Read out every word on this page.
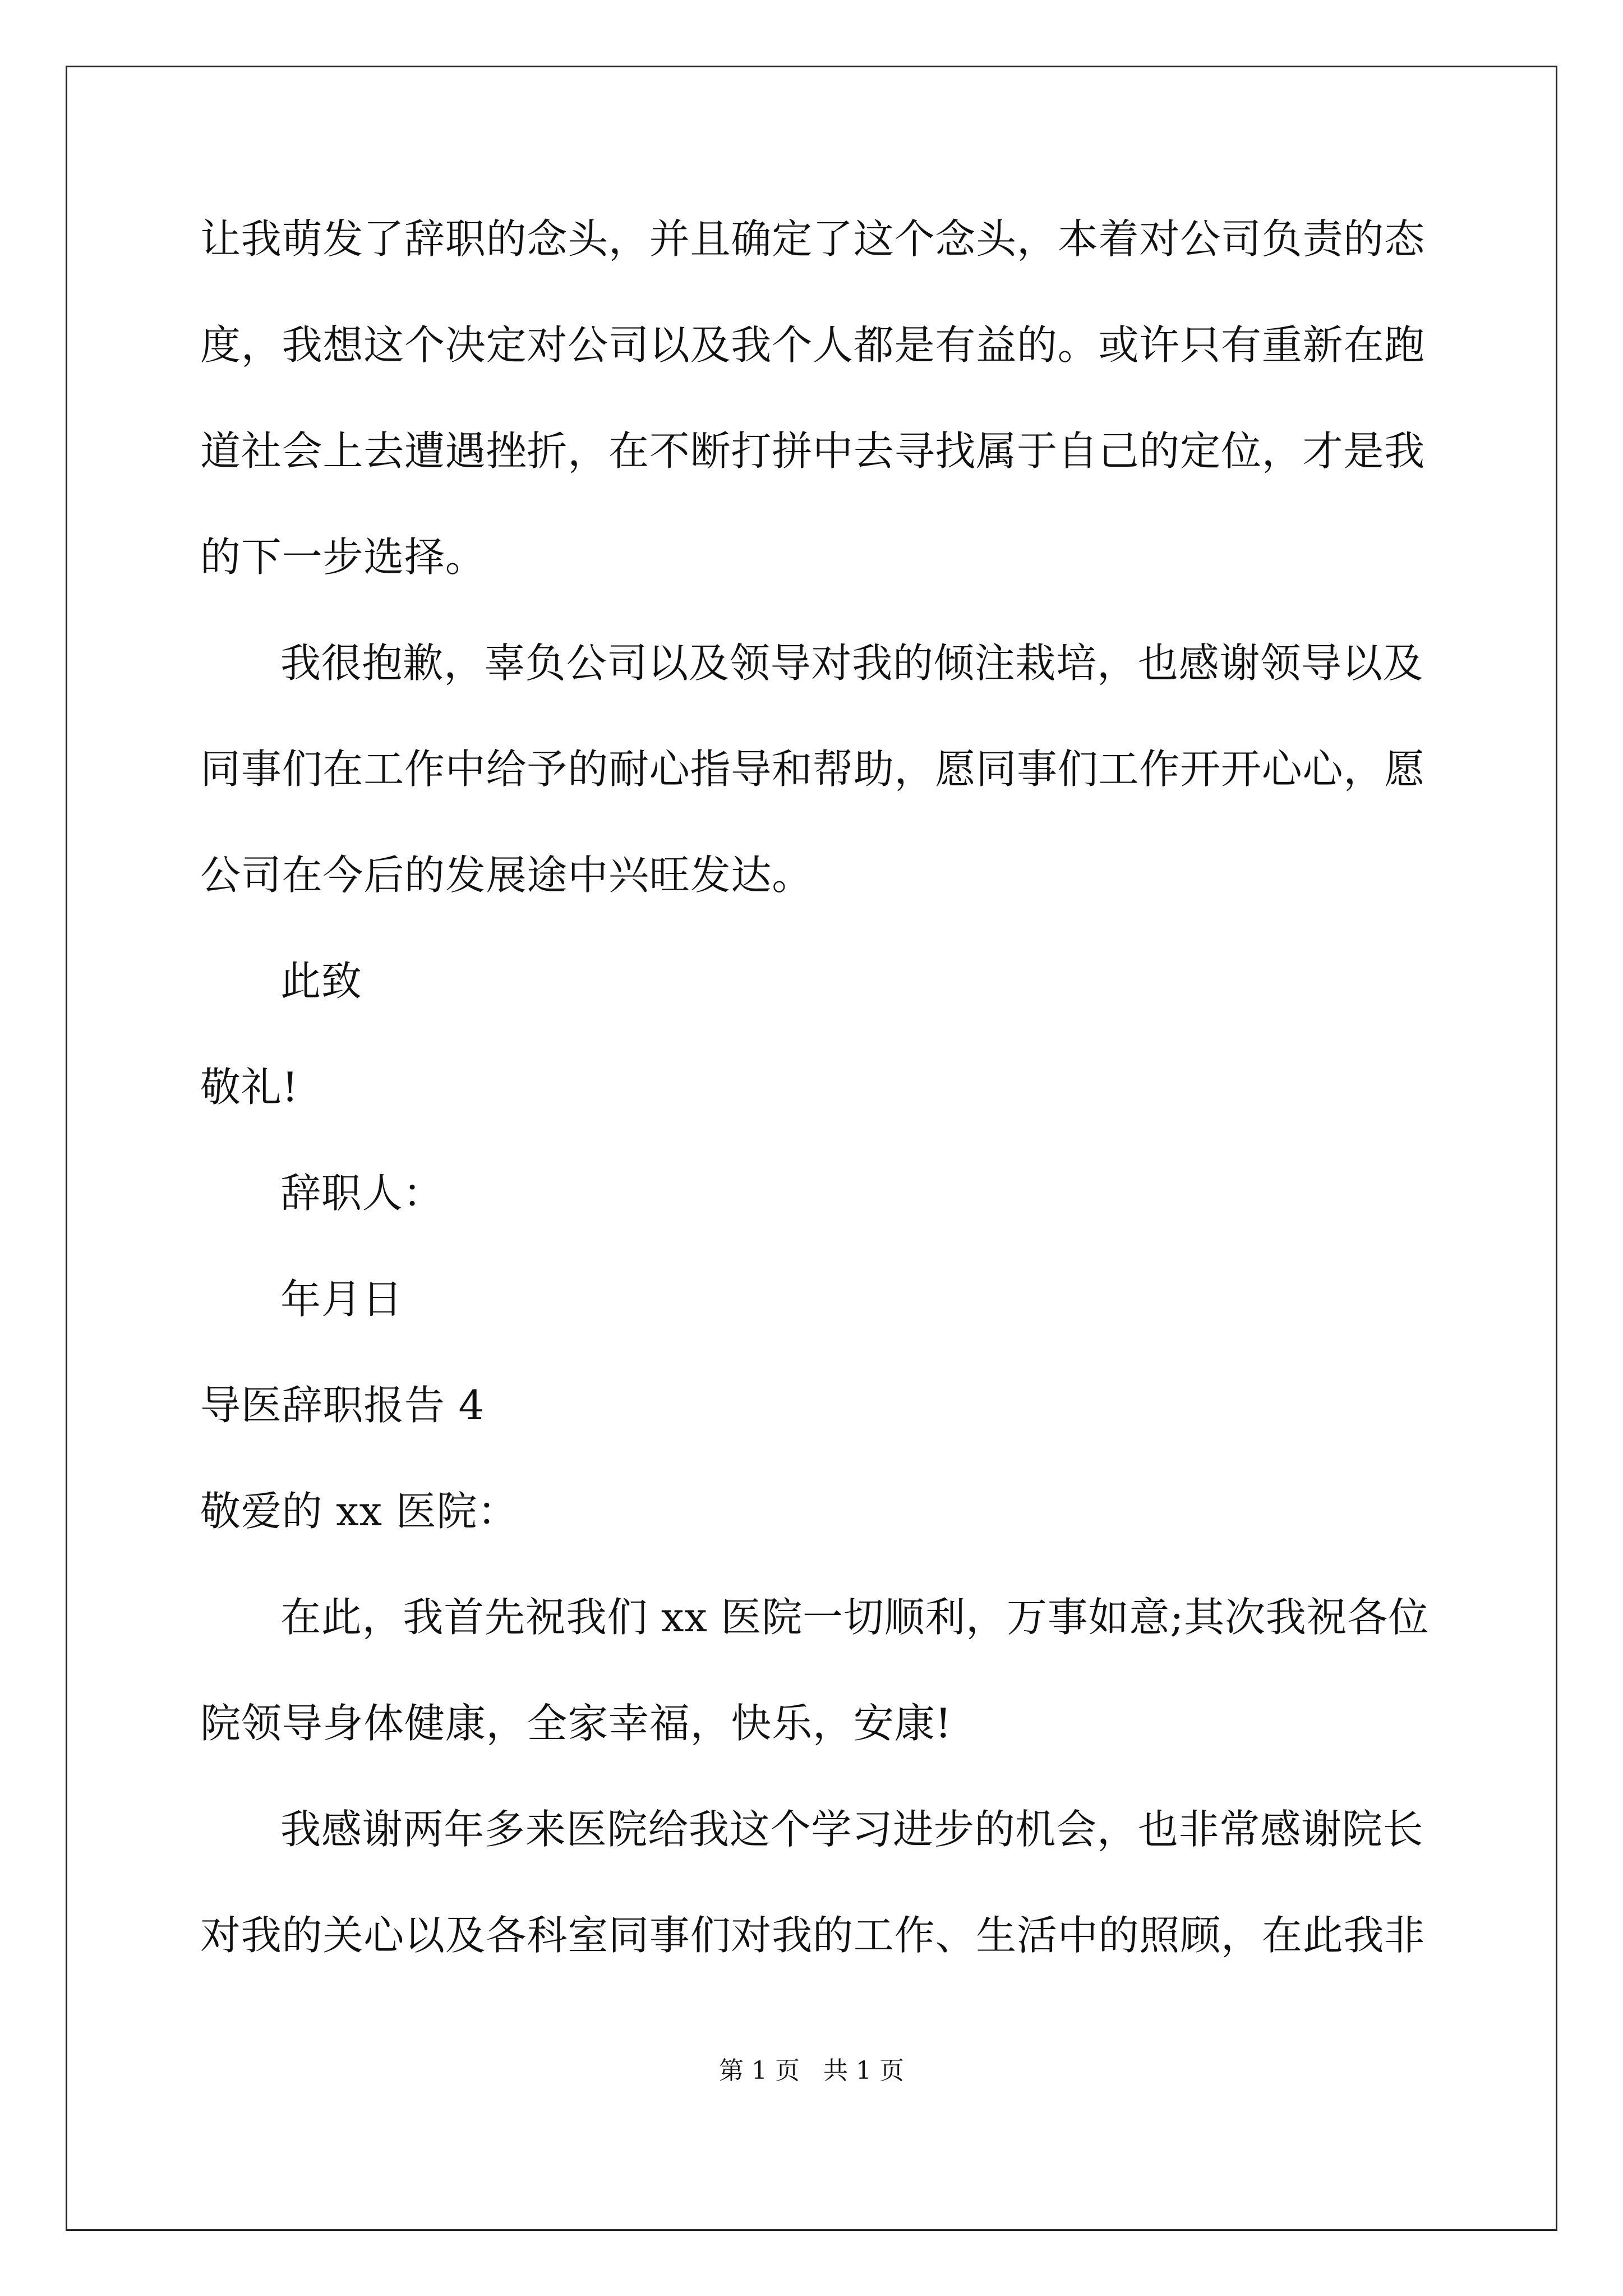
让我萌发了辞职的念头，并且确定了这个念头，本着对公司负责的态
度，我想这个决定对公司以及我个人都是有益的。或许只有重新在跑
道社会上去遭遇挫折，在不断打拼中去寻找属于自己的定位，才是我
的下一步选择。
我很抱歉，辜负公司以及领导对我的倾注栽培，也感谢领导以及
同事们在工作中给予的耐心指导和帮助，愿同事们工作开开心心，愿
公司在今后的发展途中兴旺发达。
此致
敬礼!
辞职人：
年月日
导医辞职报告 4
敬爱的 xx 医院：
在此，我首先祝我们 xx 医院一切顺利，万事如意;其次我祝各位
院领导身体健康，全家幸福，快乐，安康!
我感谢两年多来医院给我这个学习进步的机会，也非常感谢院长
对我的关心以及各科室同事们对我的工作、生活中的照顾，在此我非
第 1 页   共 1 页
